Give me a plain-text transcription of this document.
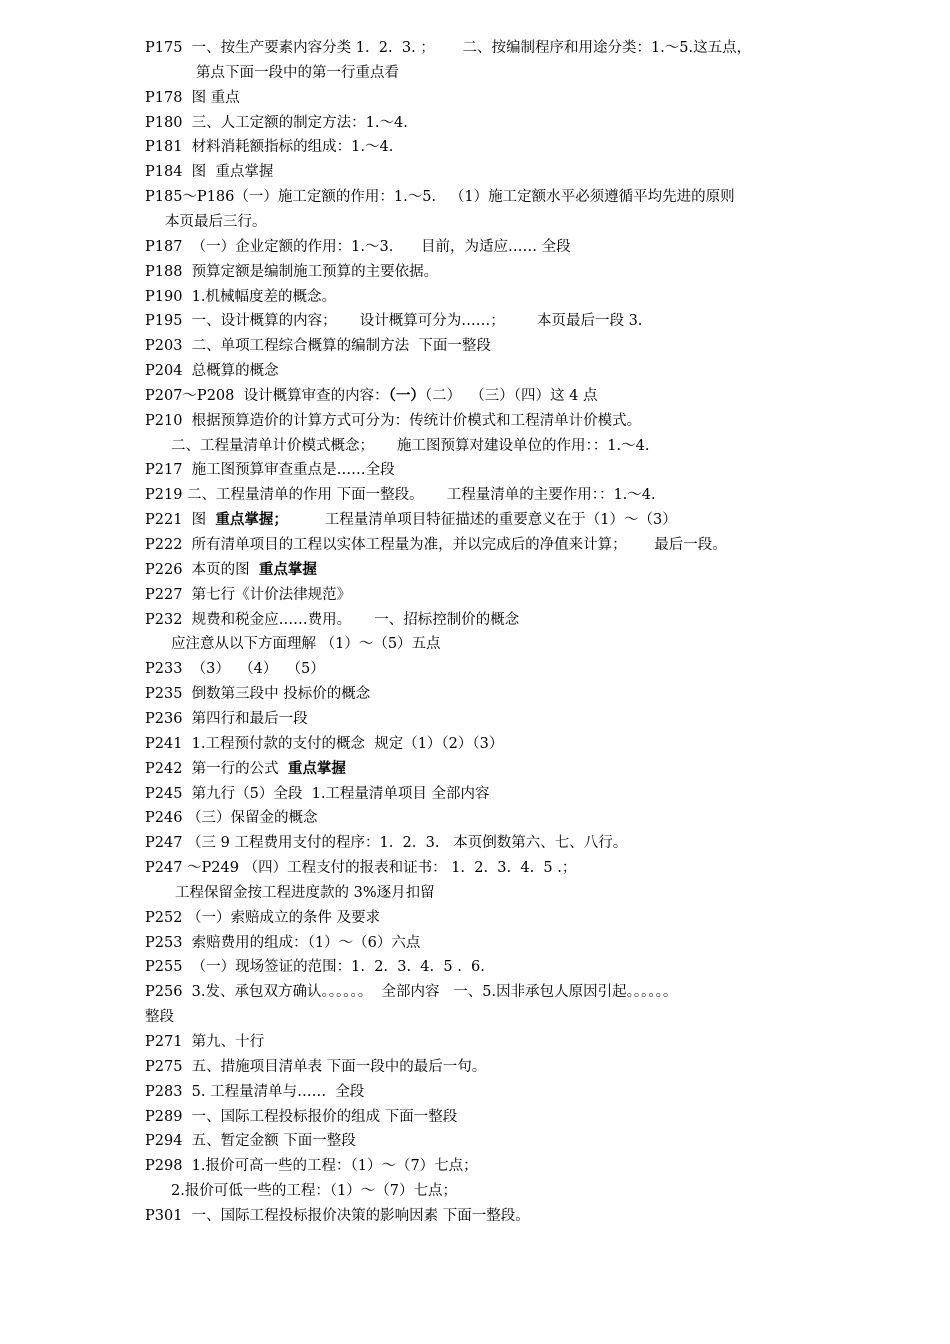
P175  一、按生产要素内容分类 1.  2.  3. ；      二、按编制程序和用途分类：1.～5.这五点，
第点下面一段中的第一行重点看
P178  图 重点
P180  三、人工定额的制定方法：1.～4.
P181  材料消耗额指标的组成：1.～4.
P184  图  重点掌握
P185～P186（一）施工定额的作用：1.～5.   （1）施工定额水平必须遵循平均先进的原则
本页最后三行。
P187  （一）企业定额的作用：1.～3.      目前，为适应…… 全段
P188  预算定额是编制施工预算的主要依据。
P190  1.机械幅度差的概念。
P195  一、设计概算的内容；     设计概算可分为……；       本页最后一段 3.
P203  二、单项工程综合概算的编制方法  下面一整段
P204  总概算的概念
P207～P208  设计概算审查的内容：（一）（二）  （三）（四）这 4 点
P210  根据预算造价的计算方式可分为：传统计价模式和工程清单计价模式。
二、工程量清单计价模式概念；     施工图预算对建设单位的作用：：1.～4.
P217  施工图预算审查重点是……全段
P219 二、工程量清单的作用 下面一整段。     工程量清单的主要作用：：1.～4.
P221  图  重点掌握；        工程量清单项目特征描述的重要意义在于（1）～（3）
P222  所有清单项目的工程以实体工程量为准，并以完成后的净值来计算；      最后一段。
P226  本页的图  重点掌握
P227  第七行《计价法律规范》
P232  规费和税金应……费用。     一、招标控制价的概念
应注意从以下方面理解 （1）～（5）五点
P233  （3）  （4）  （5）
P235  倒数第三段中 投标价的概念
P236  第四行和最后一段
P241  1.工程预付款的支付的概念  规定（1）（2）（3）
P242  第一行的公式  重点掌握
P245  第九行（5）全段  1.工程量清单项目 全部内容
P246 （三）保留金的概念
P247 （三 9 工程费用支付的程序：1.  2.  3.   本页倒数第六、七、八行。
P247 ～P249 （四）工程支付的报表和证书： 1.  2.  3.  4.  5 .；
工程保留金按工程进度款的 3%逐月扣留
P252 （一）索赔成立的条件 及要求
P253  索赔费用的组成：（1）～（6）六点
P255  （一）现场签证的范围：1.  2.  3.  4.  5 .  6.
P256  3.发、承包双方确认。。。。。。  全部内容   一、5.因非承包人原因引起。。。。。。
整段
P271  第九、十行
P275  五、措施项目清单表 下面一段中的最后一句。
P283  5. 工程量清单与……  全段
P289  一、国际工程投标报价的组成 下面一整段
P294  五、暂定金额 下面一整段
P298  1.报价可高一些的工程：（1）～（7）七点；
2.报价可低一些的工程：（1）～（7）七点；
P301  一、国际工程投标报价决策的影响因素 下面一整段。
